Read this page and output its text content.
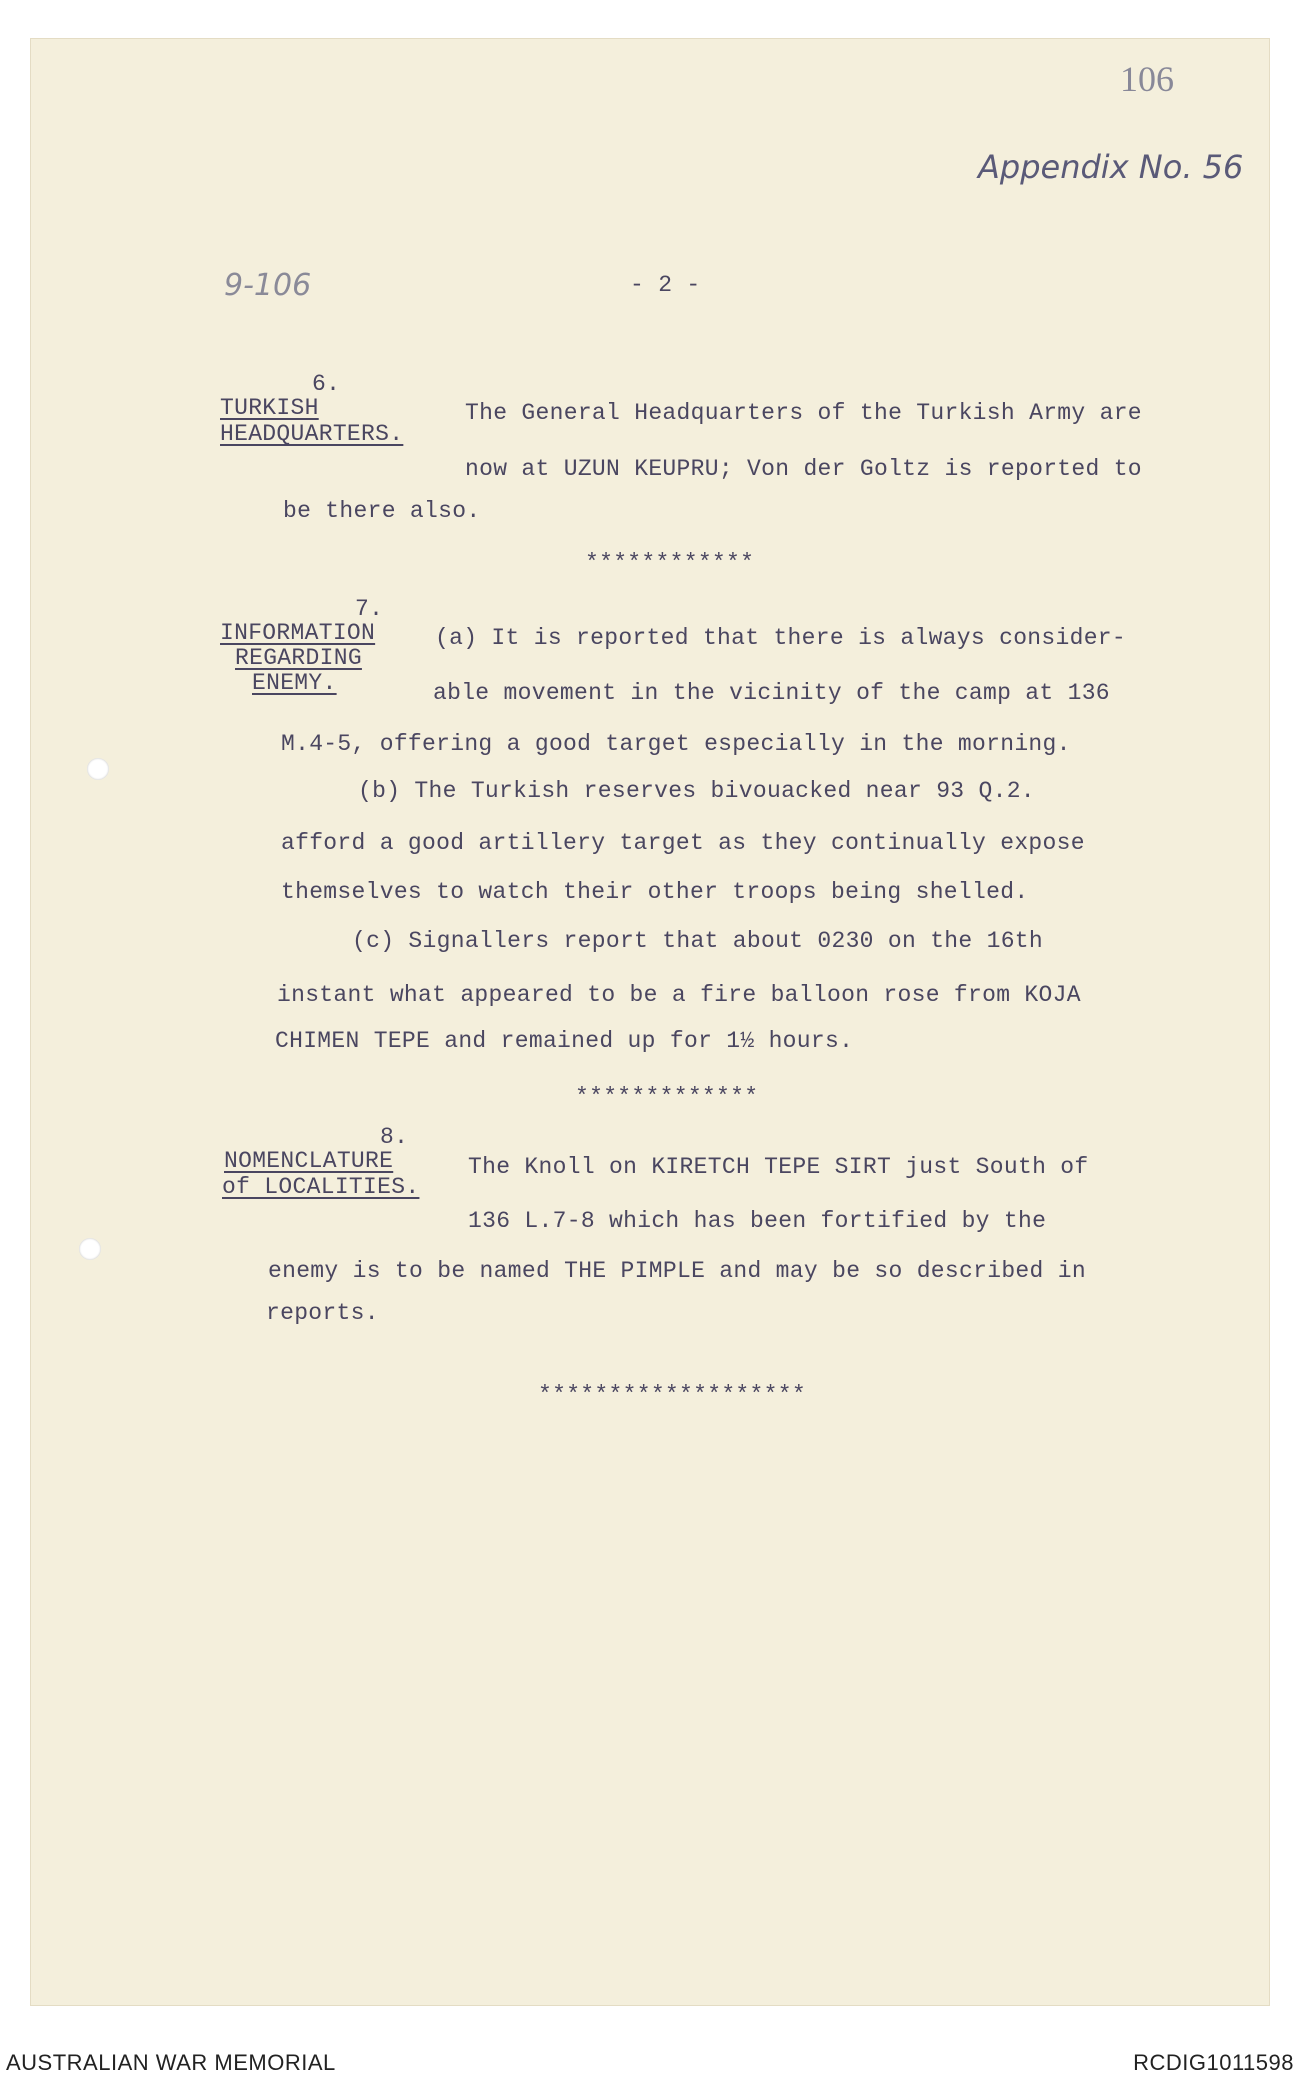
106
Appendix No. 56
9-106	- 2 -
6.
TURKISH
HEADQUARTERS.
The General Headquarters of the Turkish Army are
now at UZUN KEUPRU; Von der Goltz is reported to
be there also.
************
7.
INFORMATION
REGARDING
ENEMY.
(a) It is reported that there is always consider-
able movement in the vicinity of the camp at 136
M.4-5, offering a good target especially in the morning.
(b) The Turkish reserves bivouacked near 93 Q.2.
afford a good artillery target as they continually expose
themselves to watch their other troops being shelled.
(c) Signallers report that about 0230 on the 16th
instant what appeared to be a fire balloon rose from KOJA
CHIMEN TEPE and remained up for 1½ hours.
*************
8.
NOMENCLATURE
of LOCALITIES.
The Knoll on KIRETCH TEPE SIRT just South of
136 L.7-8 which has been fortified by the
enemy is to be named THE PIMPLE and may be so described in
reports.
*******************
AUSTRALIAN WAR MEMORIAL	RCDIG1011598
